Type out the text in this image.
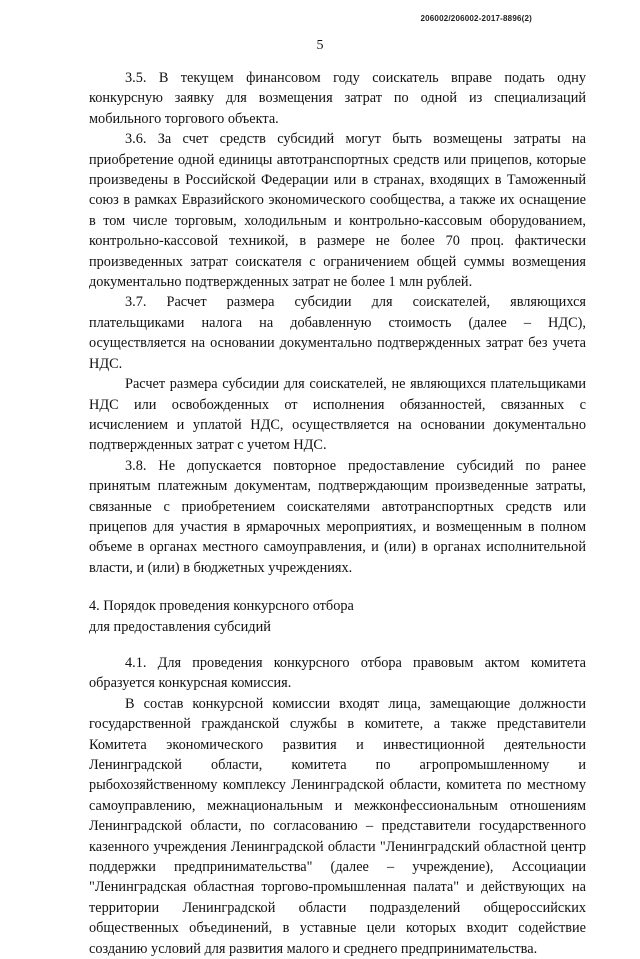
206002/206002-2017-8896(2)
5

3.5. В текущем финансовом году соискатель вправе подать одну конкурсную заявку для возмещения затрат по одной из специализаций мобильного торгового объекта.

3.6. За счет средств субсидий могут быть возмещены затраты на приобретение одной единицы автотранспортных средств или прицепов, которые произведены в Российской Федерации или в странах, входящих в Таможенный союз в рамках Евразийского экономического сообщества, а также их оснащение в том числе торговым, холодильным и контрольно-кассовым оборудованием, контрольно-кассовой техникой, в размере не более 70 проц. фактически произведенных затрат соискателя с ограничением общей суммы возмещения документально подтвержденных затрат не более 1 млн рублей.

3.7. Расчет размера субсидии для соискателей, являющихся плательщиками налога на добавленную стоимость (далее – НДС), осуществляется на основании документально подтвержденных затрат без учета НДС.

Расчет размера субсидии для соискателей, не являющихся плательщиками НДС или освобожденных от исполнения обязанностей, связанных с исчислением и уплатой НДС, осуществляется на основании документально подтвержденных затрат с учетом НДС.

3.8. Не допускается повторное предоставление субсидий по ранее принятым платежным документам, подтверждающим произведенные затраты, связанные с приобретением соискателями автотранспортных средств или прицепов для участия в ярмарочных мероприятиях, и возмещенным в полном объеме в органах местного самоуправления, и (или) в органах исполнительной власти, и (или) в бюджетных учреждениях.

4. Порядок проведения конкурсного отбора
для предоставления субсидий

4.1. Для проведения конкурсного отбора правовым актом комитета образуется конкурсная комиссия.

В состав конкурсной комиссии входят лица, замещающие должности государственной гражданской службы в комитете, а также представители Комитета экономического развития и инвестиционной деятельности Ленинградской области, комитета по агропромышленному и рыбохозяйственному комплексу Ленинградской области, комитета по местному самоуправлению, межнациональным и межконфессиональным отношениям Ленинградской области, по согласованию – представители государственного казенного учреждения Ленинградской области "Ленинградский областной центр поддержки предпринимательства" (далее – учреждение), Ассоциации "Ленинградская областная торгово-промышленная палата" и действующих на территории Ленинградской области подразделений общероссийских общественных объединений, в уставные цели которых входит содействие созданию условий для развития малого и среднего предпринимательства.
